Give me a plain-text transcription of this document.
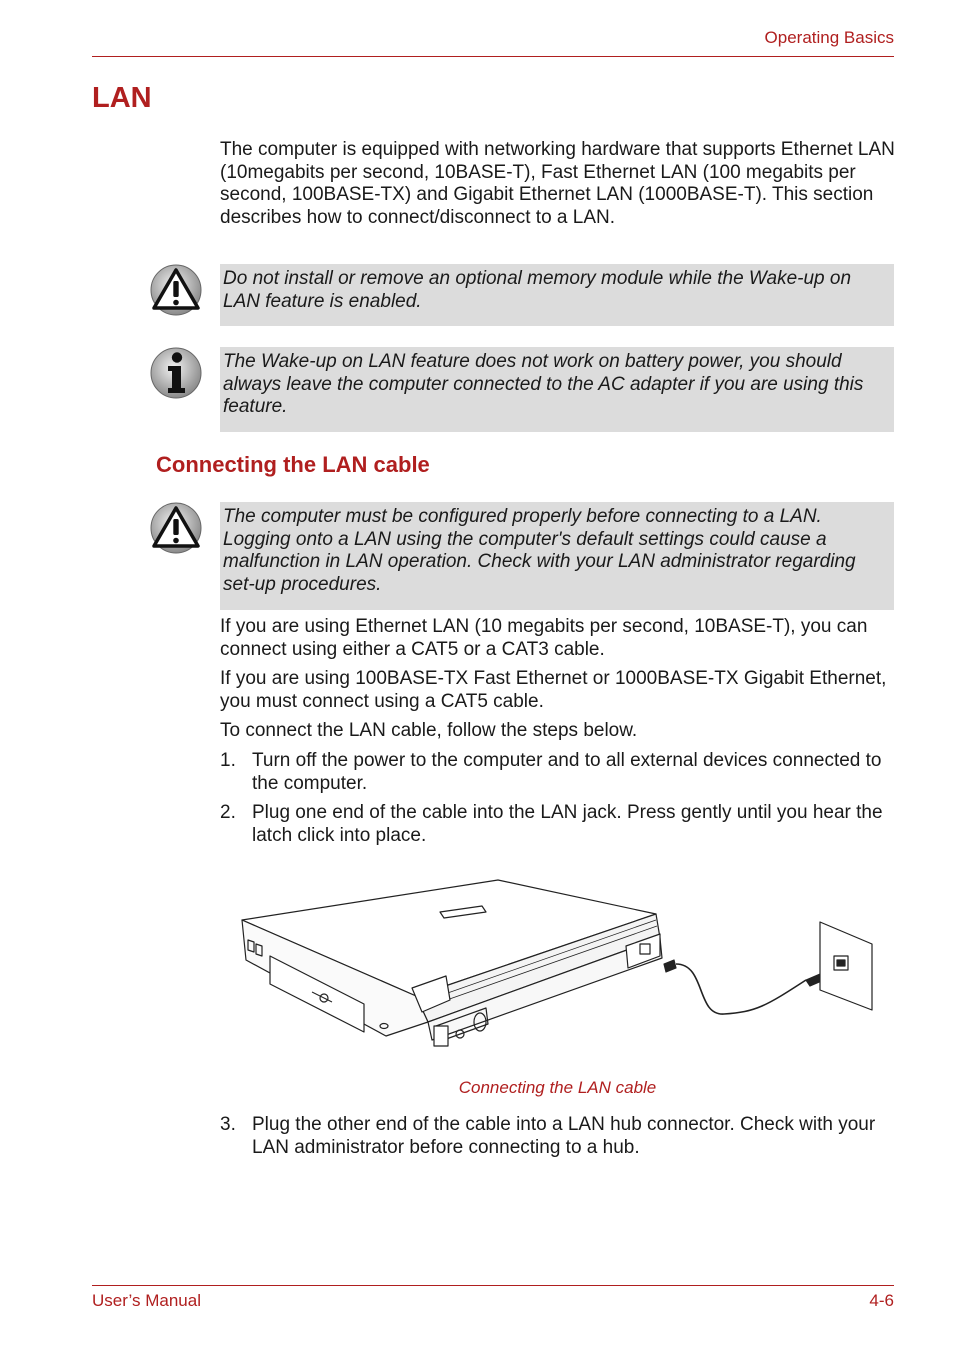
Operating Basics
LAN

The computer is equipped with networking hardware that supports Ethernet LAN (10megabits per second, 10BASE-T), Fast Ethernet LAN (100 megabits per second, 100BASE-TX) and Gigabit Ethernet LAN (1000BASE-T). This section describes how to connect/disconnect to a LAN.

Do not install or remove an optional memory module while the Wake-up on LAN feature is enabled.

The Wake-up on LAN feature does not work on battery power, you should always leave the computer connected to the AC adapter if you are using this feature.

Connecting the LAN cable

The computer must be configured properly before connecting to a LAN. Logging onto a LAN using the computer's default settings could cause a malfunction in LAN operation. Check with your LAN administrator regarding set-up procedures.

If you are using Ethernet LAN (10 megabits per second, 10BASE-T), you can connect using either a CAT5 or a CAT3 cable.

If you are using 100BASE-TX Fast Ethernet or 1000BASE-TX Gigabit Ethernet, you must connect using a CAT5 cable.

To connect the LAN cable, follow the steps below.

1. Turn off the power to the computer and to all external devices connected to the computer.
2. Plug one end of the cable into the LAN jack. Press gently until you hear the latch click into place.
Connecting the LAN cable
3. Plug the other end of the cable into a LAN hub connector. Check with your LAN administrator before connecting to a hub.
User’s Manual	4-6
